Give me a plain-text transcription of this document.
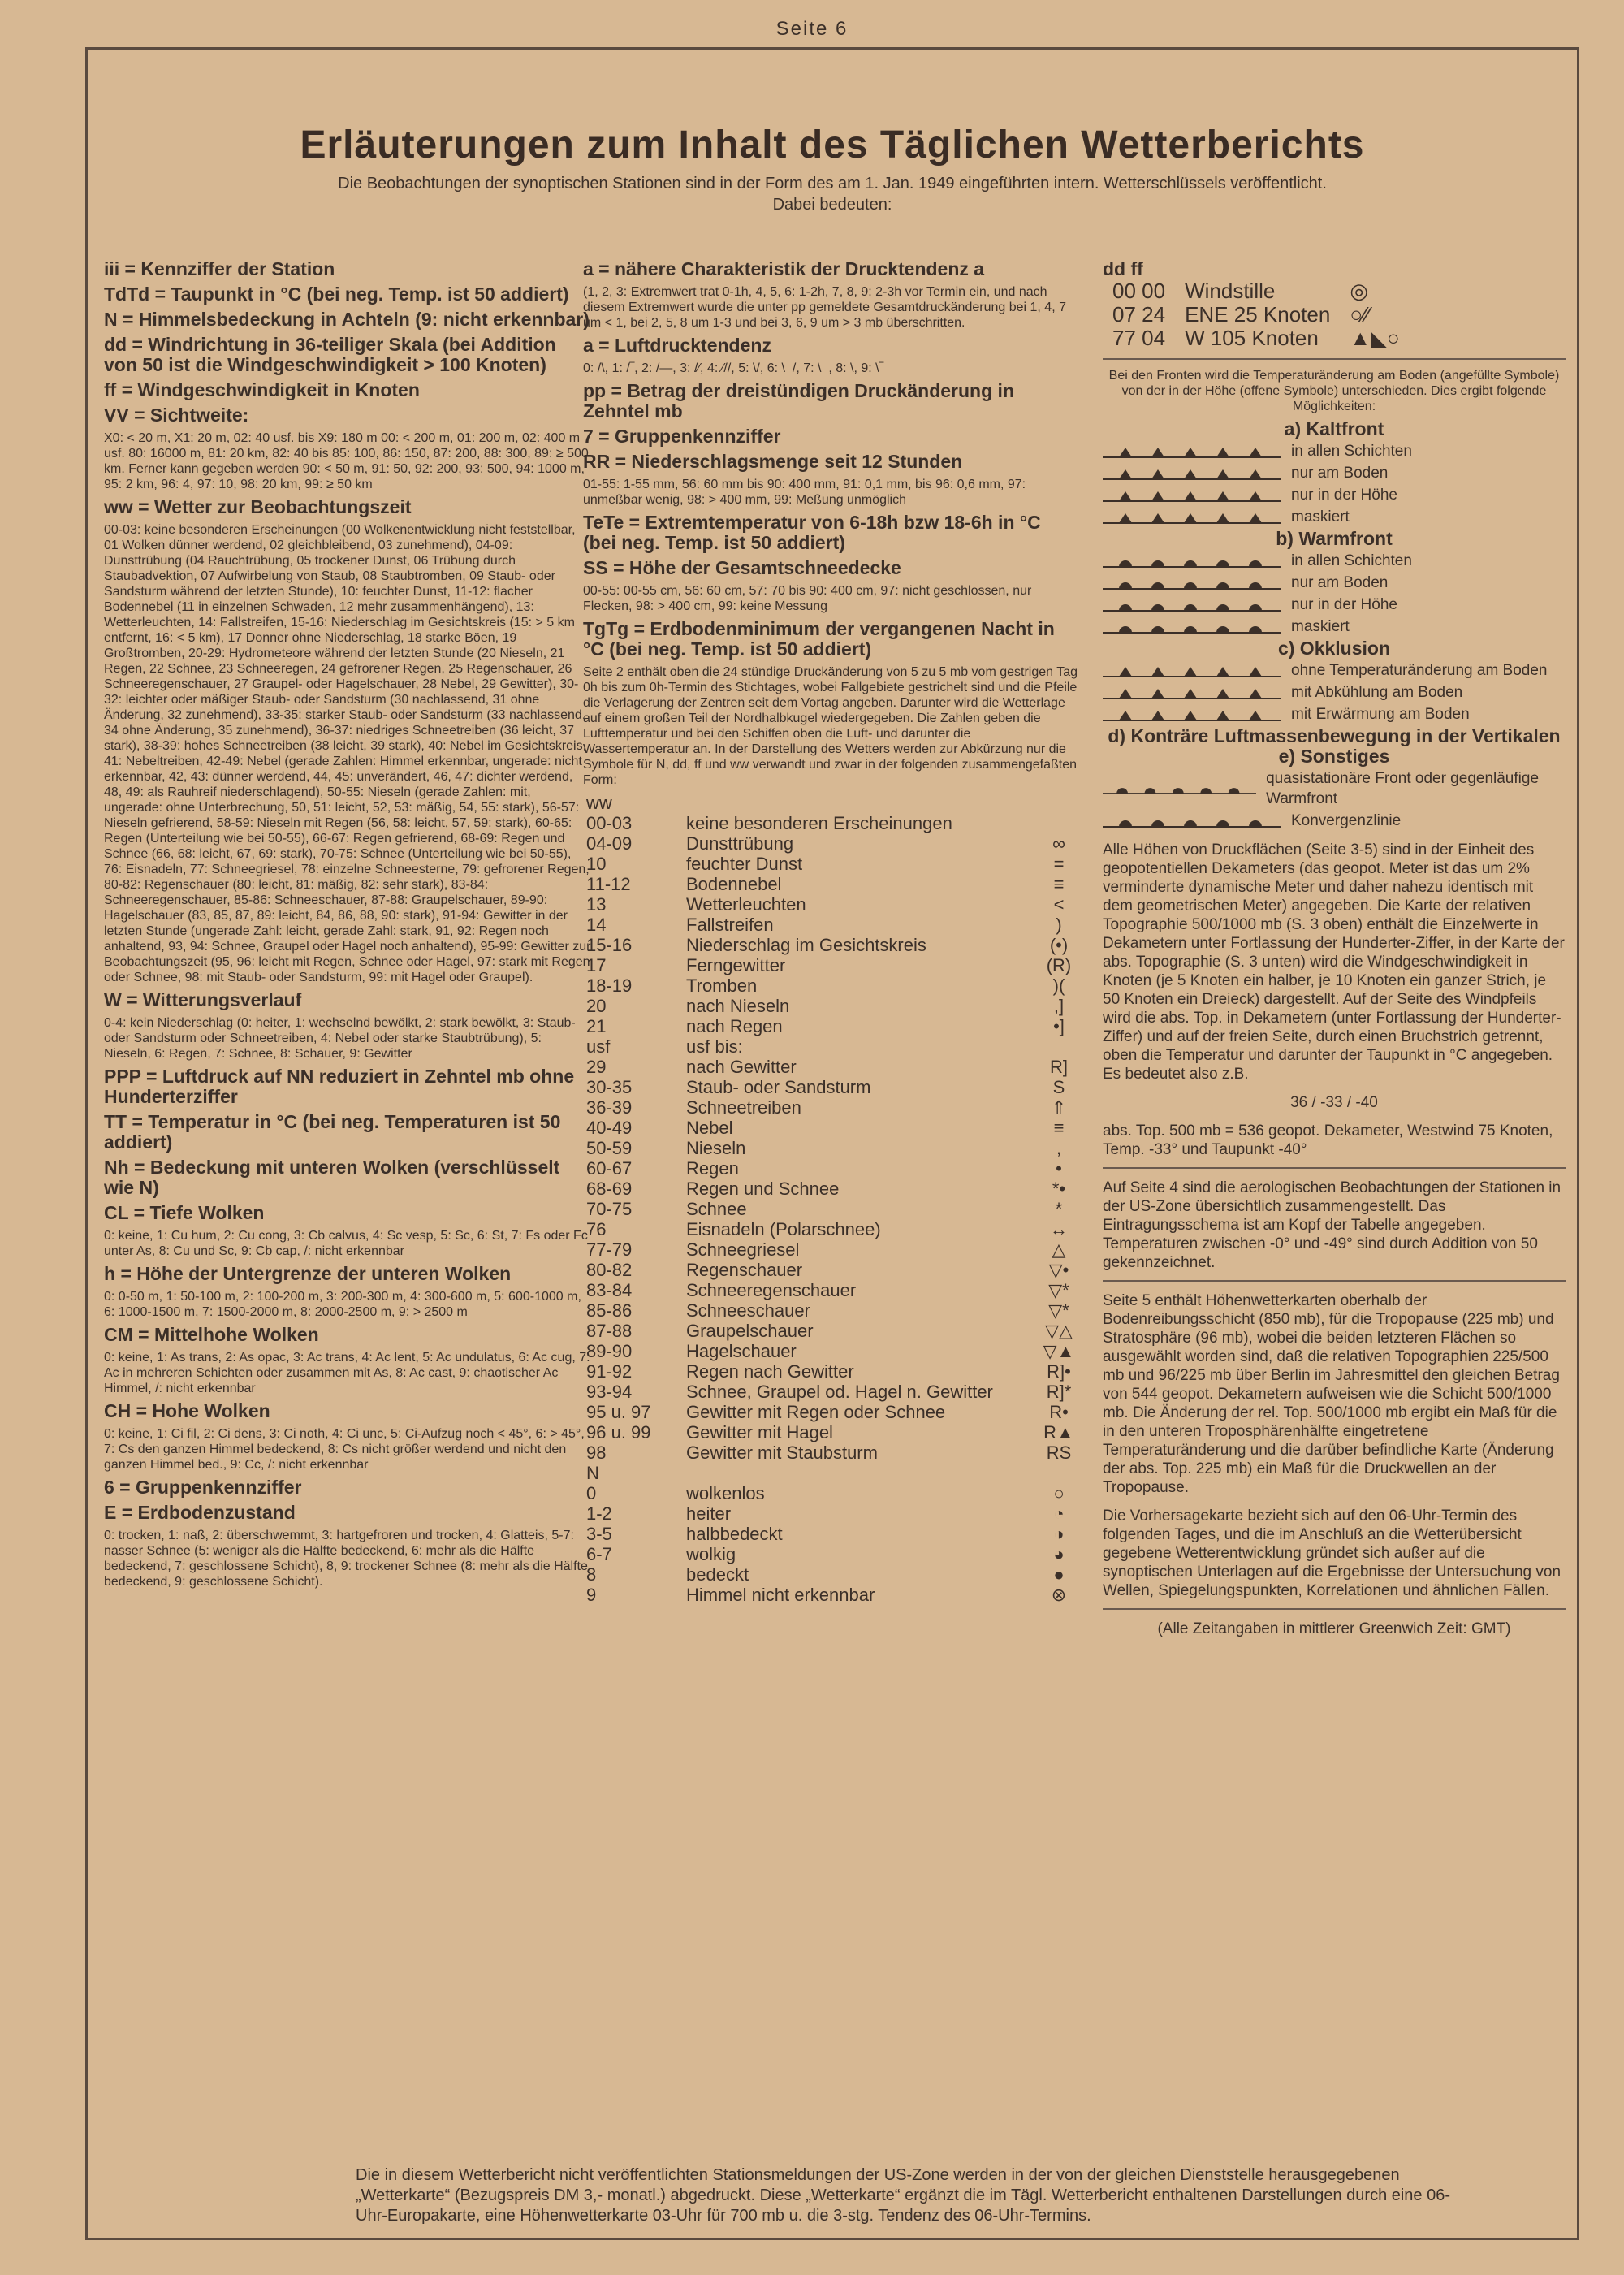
Seite 6
Erläuterungen zum Inhalt des Täglichen Wetterberichts
Die Beobachtungen der synoptischen Stationen sind in der Form des am 1. Jan. 1949 eingeführten intern. Wetterschlüssels veröffentlicht.
Dabei bedeuten:
iii = Kennziffer der Station
TdTd = Taupunkt in °C (bei neg. Temp. ist 50 addiert)
N = Himmelsbedeckung in Achteln (9: nicht erkennbar)
dd = Windrichtung in 36-teiliger Skala (bei Addition von 50 ist die Windgeschwindigkeit > 100 Knoten)
ff = Windgeschwindigkeit in Knoten
VV = Sichtweite:
X0: < 20 m, X1: 20 m, 02: 40 usf. bis X9: 180 m 00: < 200 m, 01: 200 m, 02: 400 m usf. 80: 16000 m, 81: 20 km, 82: 40 bis 85: 100, 86: 150, 87: 200, 88: 300, 89: ≥ 500 km. Ferner kann gegeben werden 90: < 50 m, 91: 50, 92: 200, 93: 500, 94: 1000 m, 95: 2 km, 96: 4, 97: 10, 98: 20 km, 99: ≥ 50 km
ww = Wetter zur Beobachtungszeit
00-03: keine besonderen Erscheinungen (00 Wolkenentwicklung nicht feststellbar, 01 Wolken dünner werdend, 02 gleichbleibend, 03 zunehmend), 04-09: Dunsttrübung (04 Rauchtrübung, 05 trockener Dunst, 06 Trübung durch Staubadvektion, 07 Aufwirbelung von Staub, 08 Staubtromben, 09 Staub- oder Sandsturm während der letzten Stunde), 10: feuchter Dunst, 11-12: flacher Bodennebel (11 in einzelnen Schwaden, 12 mehr zusammenhängend), 13: Wetterleuchten, 14: Fallstreifen, 15-16: Niederschlag im Gesichtskreis (15: > 5 km entfernt, 16: < 5 km), 17 Donner ohne Niederschlag, 18 starke Böen, 19 Großtromben, 20-29: Hydrometeore während der letzten Stunde (20 Nieseln, 21 Regen, 22 Schnee, 23 Schneeregen, 24 gefrorener Regen, 25 Regenschauer, 26 Schneeregenschauer, 27 Graupel- oder Hagelschauer, 28 Nebel, 29 Gewitter), 30-32: leichter oder mäßiger Staub- oder Sandsturm (30 nachlassend, 31 ohne Änderung, 32 zunehmend), 33-35: starker Staub- oder Sandsturm (33 nachlassend, 34 ohne Änderung, 35 zunehmend), 36-37: niedriges Schneetreiben (36 leicht, 37 stark), 38-39: hohes Schneetreiben (38 leicht, 39 stark), 40: Nebel im Gesichtskreis, 41: Nebeltreiben, 42-49: Nebel (gerade Zahlen: Himmel erkennbar, ungerade: nicht erkennbar, 42, 43: dünner werdend, 44, 45: unverändert, 46, 47: dichter werdend, 48, 49: als Rauhreif niederschlagend), 50-55: Nieseln (gerade Zahlen: mit, ungerade: ohne Unterbrechung, 50, 51: leicht, 52, 53: mäßig, 54, 55: stark), 56-57: Nieseln gefrierend, 58-59: Nieseln mit Regen (56, 58: leicht, 57, 59: stark), 60-65: Regen (Unterteilung wie bei 50-55), 66-67: Regen gefrierend, 68-69: Regen und Schnee (66, 68: leicht, 67, 69: stark), 70-75: Schnee (Unterteilung wie bei 50-55), 76: Eisnadeln, 77: Schneegriesel, 78: einzelne Schneesterne, 79: gefrorener Regen, 80-82: Regenschauer (80: leicht, 81: mäßig, 82: sehr stark), 83-84: Schneeregenschauer, 85-86: Schneeschauer, 87-88: Graupelschauer, 89-90: Hagelschauer (83, 85, 87, 89: leicht, 84, 86, 88, 90: stark), 91-94: Gewitter in der letzten Stunde (ungerade Zahl: leicht, gerade Zahl: stark, 91, 92: Regen noch anhaltend, 93, 94: Schnee, Graupel oder Hagel noch anhaltend), 95-99: Gewitter zur Beobachtungszeit (95, 96: leicht mit Regen, Schnee oder Hagel, 97: stark mit Regen oder Schnee, 98: mit Staub- oder Sandsturm, 99: mit Hagel oder Graupel).
W = Witterungsverlauf
0-4: kein Niederschlag (0: heiter, 1: wechselnd bewölkt, 2: stark bewölkt, 3: Staub- oder Sandsturm oder Schneetreiben, 4: Nebel oder starke Staubtrübung), 5: Nieseln, 6: Regen, 7: Schnee, 8: Schauer, 9: Gewitter
PPP = Luftdruck auf NN reduziert in Zehntel mb ohne Hunderterziffer
TT = Temperatur in °C (bei neg. Temperaturen ist 50 addiert)
Nh = Bedeckung mit unteren Wolken (verschlüsselt wie N)
CL = Tiefe Wolken
0: keine, 1: Cu hum, 2: Cu cong, 3: Cb calvus, 4: Sc vesp, 5: Sc, 6: St, 7: Fs oder Fc unter As, 8: Cu und Sc, 9: Cb cap, /: nicht erkennbar
h = Höhe der Untergrenze der unteren Wolken
0: 0-50 m, 1: 50-100 m, 2: 100-200 m, 3: 200-300 m, 4: 300-600 m, 5: 600-1000 m, 6: 1000-1500 m, 7: 1500-2000 m, 8: 2000-2500 m, 9: > 2500 m
CM = Mittelhohe Wolken
0: keine, 1: As trans, 2: As opac, 3: Ac trans, 4: Ac lent, 5: Ac undulatus, 6: Ac cug, 7: Ac in mehreren Schichten oder zusammen mit As, 8: Ac cast, 9: chaotischer Ac Himmel, /: nicht erkennbar
CH = Hohe Wolken
0: keine, 1: Ci fil, 2: Ci dens, 3: Ci noth, 4: Ci unc, 5: Ci-Aufzug noch < 45°, 6: > 45°, 7: Cs den ganzen Himmel bedeckend, 8: Cs nicht größer werdend und nicht den ganzen Himmel bed., 9: Cc, /: nicht erkennbar
6 = Gruppenkennziffer
E = Erdbodenzustand
0: trocken, 1: naß, 2: überschwemmt, 3: hartgefroren und trocken, 4: Glatteis, 5-7: nasser Schnee (5: weniger als die Hälfte bedeckend, 6: mehr als die Hälfte bedeckend, 7: geschlossene Schicht), 8, 9: trockener Schnee (8: mehr als die Hälfte bedeckend, 9: geschlossene Schicht).
a = nähere Charakteristik der Drucktendenz a
(1, 2, 3: Extremwert trat 0-1h, 4, 5, 6: 1-2h, 7, 8, 9: 2-3h vor Termin ein, und nach diesem Extremwert wurde die unter pp gemeldete Gesamtdruckänderung bei 1, 4, 7 um < 1, bei 2, 5, 8 um 1-3 und bei 3, 6, 9 um > 3 mb überschritten.
a = Luftdrucktendenz
0: /\, 1: /‾, 2: /—, 3: /⁄, 4: ⁄//, 5: \/, 6: \_/, 7: \_, 8: \, 9: \‾
pp = Betrag der dreistündigen Druckänderung in Zehntel mb
7 = Gruppenkennziffer
RR = Niederschlagsmenge seit 12 Stunden
01-55: 1-55 mm, 56: 60 mm bis 90: 400 mm, 91: 0,1 mm, bis 96: 0,6 mm, 97: unmeßbar wenig, 98: > 400 mm, 99: Meßung unmöglich
TeTe = Extremtemperatur von 6-18h bzw 18-6h in °C (bei neg. Temp. ist 50 addiert)
SS = Höhe der Gesamtschneedecke
00-55: 00-55 cm, 56: 60 cm, 57: 70 bis 90: 400 cm, 97: nicht geschlossen, nur Flecken, 98: > 400 cm, 99: keine Messung
TgTg = Erdbodenminimum der vergangenen Nacht in °C (bei neg. Temp. ist 50 addiert)
Seite 2 enthält oben die 24 stündige Druckänderung von 5 zu 5 mb vom gestrigen Tag 0h bis zum 0h-Termin des Stichtages, wobei Fallgebiete gestrichelt sind und die Pfeile die Verlagerung der Zentren seit dem Vortag angeben. Darunter wird die Wetterlage auf einem großen Teil der Nordhalbkugel wiedergegeben. Die Zahlen geben die Lufttemperatur und bei den Schiffen oben die Luft- und darunter die Wassertemperatur an. In der Darstellung des Wetters werden zur Abkürzung nur die Symbole für N, dd, ff und ww verwandt und zwar in der folgenden zusammengefaßten Form:
ww		
00-03	keine besonderen Erscheinungen	
04-09	Dunsttrübung	∞
10	feuchter Dunst	=
11-12	Bodennebel	≡
13	Wetterleuchten	<
14	Fallstreifen	)
15-16	Niederschlag im Gesichtskreis	(•)
17	Ferngewitter	(R)
18-19	Tromben	)(
20	nach Nieseln	,]
21	nach Regen	•]
usf	usf bis:	
29	nach Gewitter	R]
30-35	Staub- oder Sandsturm	S
36-39	Schneetreiben	⇑
40-49	Nebel	≡
50-59	Nieseln	,
60-67	Regen	•
68-69	Regen und Schnee	*•
70-75	Schnee	*
76	Eisnadeln (Polarschnee)	↔
77-79	Schneegriesel	△
80-82	Regenschauer	▽•
83-84	Schneeregenschauer	▽*
85-86	Schneeschauer	▽*
87-88	Graupelschauer	▽△
89-90	Hagelschauer	▽▲
91-92	Regen nach Gewitter	R]•
93-94	Schnee, Graupel od. Hagel n. Gewitter	R]*
95 u. 97	Gewitter mit Regen oder Schnee	R•
96 u. 99	Gewitter mit Hagel	R▲
98	Gewitter mit Staubsturm	RS
N		
0	wolkenlos	○
1-2	heiter	◔
3-5	halbbedeckt	◑
6-7	wolkig	◕
8	bedeckt	●
9	Himmel nicht erkennbar	⊗
dd ff
00 00	Windstille	◎
07 24	ENE 25 Knoten	○⁄⁄
77 04	W 105 Knoten	▲◣○
Bei den Fronten wird die Temperaturänderung am Boden (angefüllte Symbole) von der in der Höhe (offene Symbole) unterschieden. Dies ergibt folgende Möglichkeiten:
a) Kaltfront
in allen Schichten
nur am Boden
nur in der Höhe
maskiert
b) Warmfront
in allen Schichten
nur am Boden
nur in der Höhe
maskiert
c) Okklusion
ohne Temperaturänderung am Boden
mit Abkühlung am Boden
mit Erwärmung am Boden
d) Konträre Luftmassenbewegung in der Vertikalen
e) Sonstiges
quasistationäre Front oder gegenläufige Warmfront
Konvergenzlinie
Alle Höhen von Druckflächen (Seite 3-5) sind in der Einheit des geopotentiellen Dekameters (das geopot. Meter ist das um 2% verminderte dynamische Meter und daher nahezu identisch mit dem geometrischen Meter) angegeben. Die Karte der relativen Topographie 500/1000 mb (S. 3 oben) enthält die Einzelwerte in Dekametern unter Fortlassung der Hunderter-Ziffer, in der Karte der abs. Topographie (S. 3 unten) wird die Windgeschwindigkeit in Knoten (je 5 Knoten ein halber, je 10 Knoten ein ganzer Strich, je 50 Knoten ein Dreieck) dargestellt. Auf der Seite des Windpfeils wird die abs. Top. in Dekametern (unter Fortlassung der Hunderter-Ziffer) und auf der freien Seite, durch einen Bruchstrich getrennt, oben die Temperatur und darunter der Taupunkt in °C angegeben. Es bedeutet also z.B.
36 / -33 / -40
abs. Top. 500 mb = 536 geopot. Dekameter, Westwind 75 Knoten, Temp. -33° und Taupunkt -40°
Auf Seite 4 sind die aerologischen Beobachtungen der Stationen in der US-Zone übersichtlich zusammengestellt. Das Eintragungsschema ist am Kopf der Tabelle angegeben. Temperaturen zwischen -0° und -49° sind durch Addition von 50 gekennzeichnet.
Seite 5 enthält Höhenwetterkarten oberhalb der Bodenreibungsschicht (850 mb), für die Tropopause (225 mb) und Stratosphäre (96 mb), wobei die beiden letzteren Flächen so ausgewählt worden sind, daß die relativen Topographien 225/500 mb und 96/225 mb über Berlin im Jahresmittel den gleichen Betrag von 544 geopot. Dekametern aufweisen wie die Schicht 500/1000 mb. Die Änderung der rel. Top. 500/1000 mb ergibt ein Maß für die in den unteren Troposphärenhälfte eingetretene Temperaturänderung und die darüber befindliche Karte (Änderung der abs. Top. 225 mb) ein Maß für die Druckwellen an der Tropopause.
Die Vorhersagekarte bezieht sich auf den 06-Uhr-Termin des folgenden Tages, und die im Anschluß an die Wetterübersicht gegebene Wetterentwicklung gründet sich außer auf die synoptischen Unterlagen auf die Ergebnisse der Untersuchung von Wellen, Spiegelungspunkten, Korrelationen und ähnlichen Fällen.
(Alle Zeitangaben in mittlerer Greenwich Zeit: GMT)
Die in diesem Wetterbericht nicht veröffentlichten Stationsmeldungen der US-Zone werden in der von der gleichen Dienststelle herausgegebenen „Wetterkarte“ (Bezugspreis DM 3,- monatl.) abgedruckt. Diese „Wetterkarte“ ergänzt die im Tägl. Wetterbericht enthaltenen Darstellungen durch eine 06-Uhr-Europakarte, eine Höhenwetterkarte 03-Uhr für 700 mb u. die 3-stg. Tendenz des 06-Uhr-Termins.
